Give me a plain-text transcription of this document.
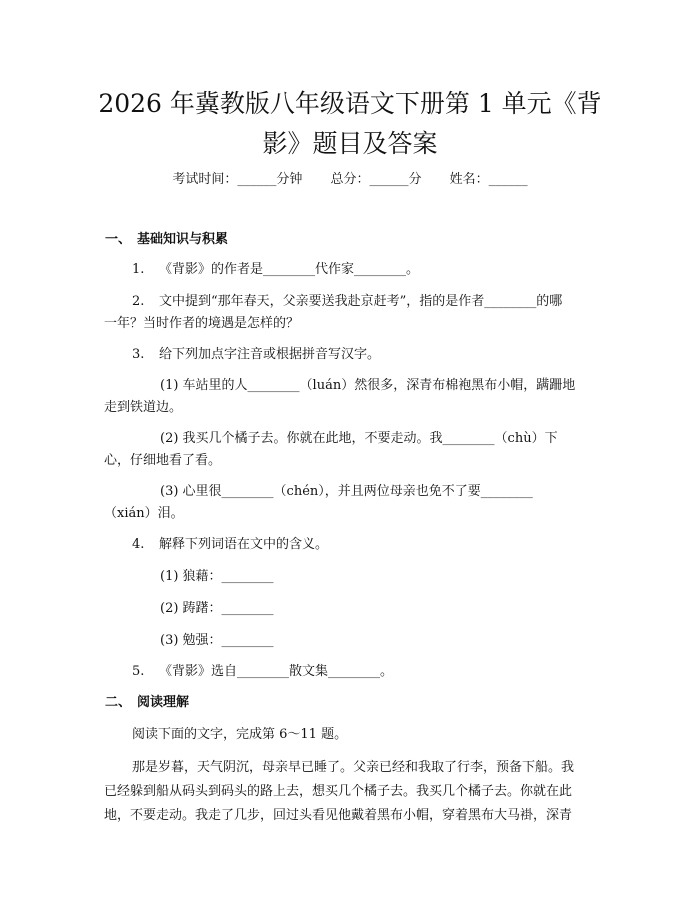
2026 年冀教版八年级语文下册第 1 单元《背
影》题目及答案
考试时间：______分钟 总分：______分 姓名：______
一、 基础知识与积累
1. 《背影》的作者是________代作家________。
2. 文中提到“那年春天，父亲要送我赴京赶考”，指的是作者________的哪
一年？当时作者的境遇是怎样的？
3. 给下列加点字注音或根据拼音写汉字。
(1) 车站里的人________（luán）然很多，深青布棉袍黑布小帽，蹒跚地
走到铁道边。
(2) 我买几个橘子去。你就在此地，不要走动。我________（chù）下
心，仔细地看了看。
(3) 心里很________（chén），并且两位母亲也免不了要________
（xián）泪。
4. 解释下列词语在文中的含义。
(1) 狼藉：________
(2) 踌躇：________
(3) 勉强：________
5. 《背影》选自________散文集________。
二、 阅读理解
阅读下面的文字，完成第 6～11 题。
那是岁暮，天气阴沉，母亲早已睡了。父亲已经和我取了行李，预备下船。我
已经躲到船从码头到码头的路上去，想买几个橘子去。我买几个橘子去。你就在此
地，不要走动。我走了几步，回过头看见他戴着黑布小帽，穿着黑布大马褂，深青
